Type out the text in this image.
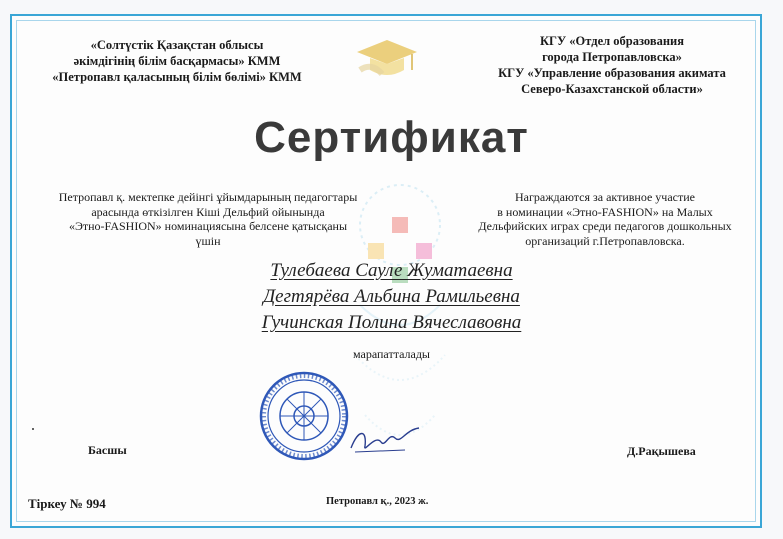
«Солтүстік Қазақстан облысы
әкімдігінің білім басқармасы» КММ
«Петропавл қаласының білім бөлімі» КММ
КГУ «Отдел образования
города Петропавловска»
КГУ «Управление образования акимата
Северо-Казахстанской области»
Сертификат
Петропавл қ. мектепке дейінгі ұйымдарының педагогтары
арасында өткізілген Кіші Дельфий ойынында
«Этно-FASHION» номинациясына белсене қатысқаны
үшін
Награждаются за активное участие
в номинации «Этно-FASHION» на Малых
Дельфийских играх среди педагогов дошкольных
организаций г.Петропавловска.
Тулебаева Сауле Жуматаевна
Дегтярёва Альбина Рамильевна
Гучинская Полина Вячеславовна
марапатталады
Басшы	Д.Рақышева
Тіркеу № 994	Петропавл қ., 2023 ж.
